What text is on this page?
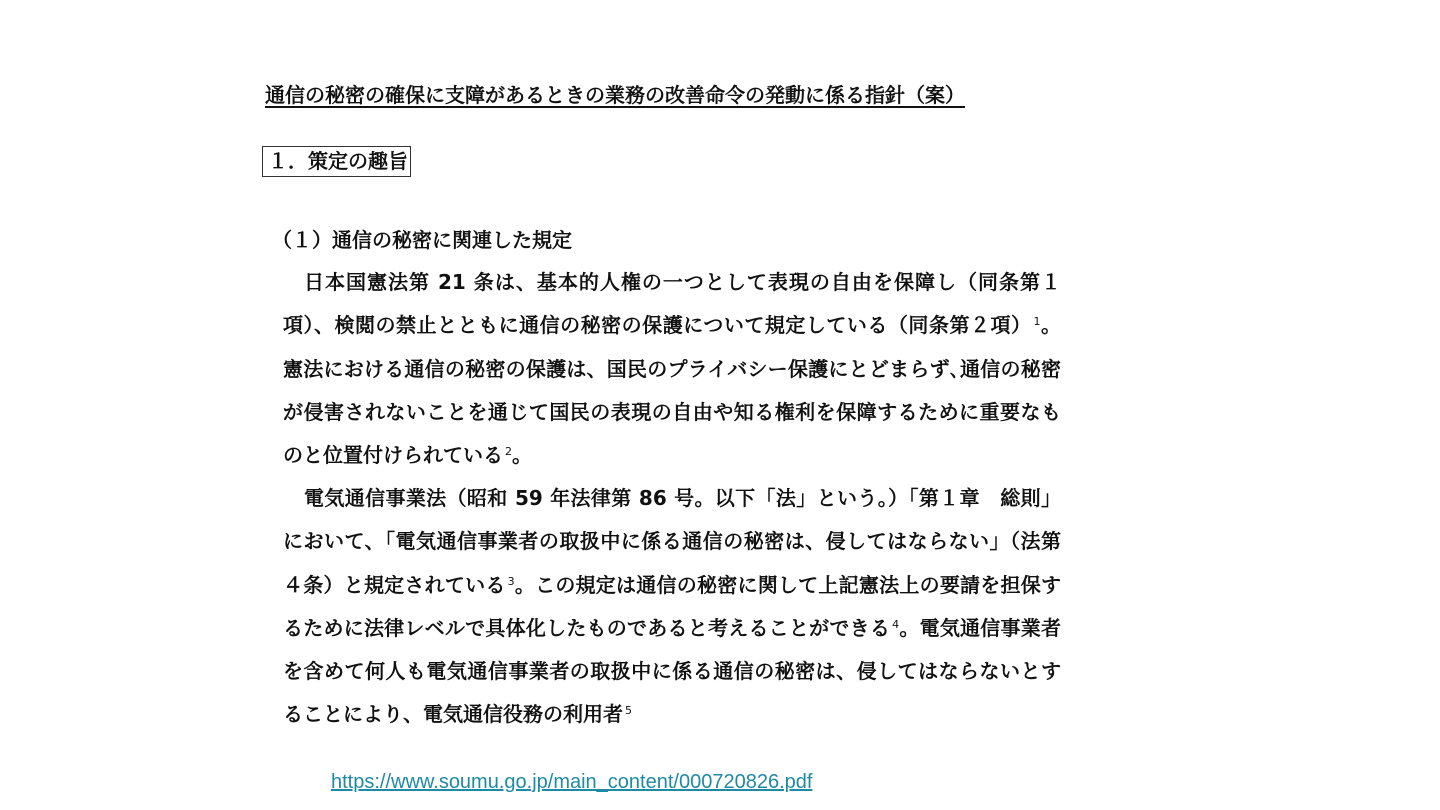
通信の秘密の確保に支障があるときの業務の改善命令の発動に係る指針（案）
１．策定の趣旨
（１）通信の秘密に関連した規定

日本国憲法第 21 条は、基本的人権の一つとして表現の自由を保障し（同条第１項）、検閲の禁止とともに通信の秘密の保護について規定している（同条第２項） $^1$。憲法における通信の秘密の保護は、国民のプライバシー保護にとどまらず､通信の秘密が侵害されないことを通じて国民の表現の自由や知る権利を保障するために重要なものと位置付けられている $^2$。

電気通信事業法（昭和 59 年法律第 86 号。以下「法」という。）「第１章　総則」において、「電気通信事業者の取扱中に係る通信の秘密は、侵してはならない」（法第４条）と規定されている $^3$。この規定は通信の秘密に関して上記憲法上の要請を担保するために法律レベルで具体化したものであると考えることができる $^4$。電気通信事業者を含めて何人も電気通信事業者の取扱中に係る通信の秘密は、侵してはならないとすることにより、電気通信役務の利用者 $^5$

https://www.soumu.go.jp/main_content/000720826.pdf
